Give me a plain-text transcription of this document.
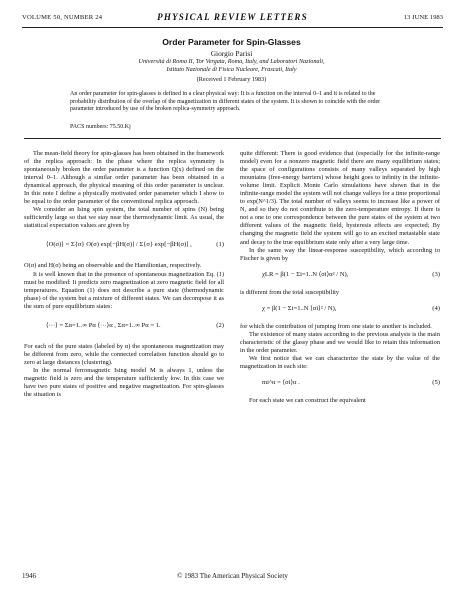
VOLUME 50, NUMBER 24	PHYSICAL REVIEW LETTERS	13 JUNE 1983
Order Parameter for Spin-Glasses
Giorgio Parisi
Università di Roma II, Tor Vergata, Roma, Italy, and Laboratori Nazionali,
Istituto Nazionale di Fisica Nucleare, Frascati, Italy
(Received 1 February 1983)
An order parameter for spin-glasses is defined in a clear physical way: It is a function on the interval 0–1 and it is related to the probability distribution of the overlap of the magnetization in different states of the system. It is shown to coincide with the order parameter introduced by use of the broken replica-symmetry approach.
PACS numbers: 75.50.Kj

The mean-field theory for spin-glasses has been obtained in the framework of the replica approach: In the phase where the replica symmetry is spontaneously broken the order parameter is a function Q(x) defined on the interval 0–1. Although a similar order parameter has been obtained in a dynamical approach, the physical meaning of this order parameter is unclear. In this note I define a physically motivated order parameter which I show to be equal to the order parameter of the conventional replica approach.

We consider an Ising spin system, the total number of spins (N) being sufficiently large so that we stay near the thermodynamic limit. As usual, the statistical expectation values are given by

⟨O(σ)⟩ = Σ{σ} O(σ) exp[−βH(σ)] / Σ{σ} exp[−βH(σ)] ,	(1)

O(σ) and H(σ) being an observable and the Hamiltonian, respectively.

It is well known that in the presence of spontaneous magnetization Eq. (1) must be modified: It predicts zero magnetization at zero magnetic field for all temperatures. Equation (1) does not describe a pure state (thermodynamic phase) of the system but a mixture of different states. We can decompose it as the sum of pure equilibrium states:

⟨···⟩ = Σα=1..∞ Pα ⟨···⟩α , Σα=1..∞ Pα = 1.	(2)

For each of the pure states (labeled by α) the spontaneous magnetization may be different from zero, while the connected correlation function should go to zero at large distances (clustering).

In the normal ferromagnetic Ising model M is always 1, unless the magnetic field is zero and the temperature sufficiently low. In this case we have two pure states of positive and negative magnetization. For spin-glasses the situation is

quite different: There is good evidence that (especially for the infinite-range model) even for a nonzero magnetic field there are many equilibrium states; the space of configurations consists of many valleys separated by high mountains (free-energy barriers) whose height goes to infinity in the infinite-volume limit. Explicit Monte Carlo simulations have shown that in the infinite-range model the system will not change valleys for a time proportional to exp(N^1/3). The total number of valleys seems to increase like a power of N, and so they do not contribute to the zero-temperature entropy. If there is not a one to one correspondence between the pure states of the system at two different values of the magnetic field, hysteresis effects are expected; By changing the magnetic field the system will go to an excited metastable state and decay to the true equilibrium state only after a very large time.

In the same way the linear-response susceptibility, which according to Fischer is given by

χLR = β(1 − Σi=1..N ⟨σi⟩α² / N),	(3)

is different from the total susceptibility

χ = β(1 − Σi=1..N ⟨σi⟩² / N),	(4)

for which the contribution of jumping from one state to another is included.

The existence of many states according to the previous analysis is the main characteristic of the glassy phase and we would like to retain this information in the order parameter.

We first notice that we can characterize the state by the value of the magnetization in each site:

mi^α = ⟨σi⟩α .	(5)

For each state we can construct the equivalent

1946	© 1983 The American Physical Society
